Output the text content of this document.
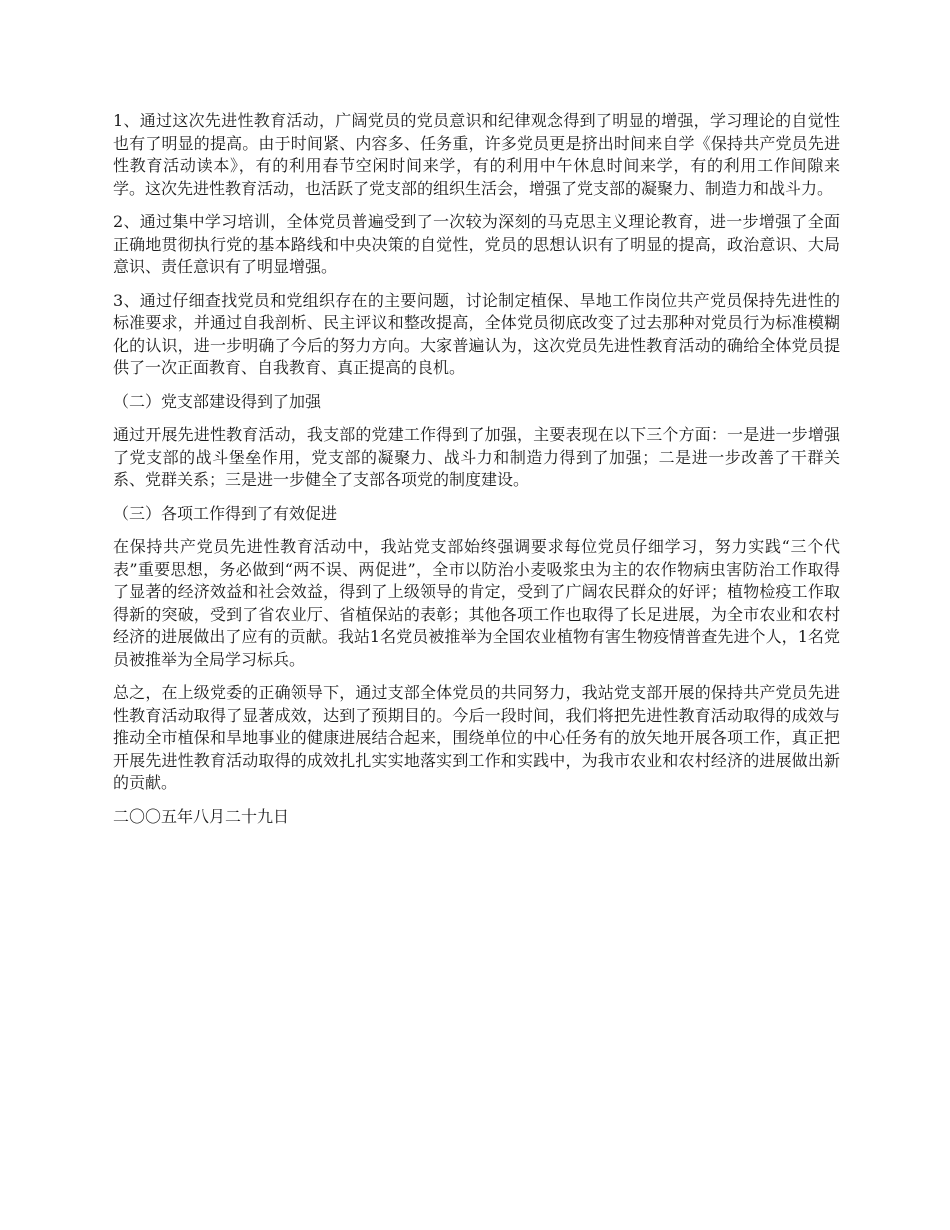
1、通过这次先进性教育活动，广阔党员的党员意识和纪律观念得到了明显的增强，学习理论的自觉性也有了明显的提高。由于时间紧、内容多、任务重，许多党员更是挤出时间来自学《保持共产党员先进性教育活动读本》，有的利用春节空闲时间来学，有的利用中午休息时间来学，有的利用工作间隙来学。这次先进性教育活动，也活跃了党支部的组织生活会，增强了党支部的凝聚力、制造力和战斗力。

2、通过集中学习培训，全体党员普遍受到了一次较为深刻的马克思主义理论教育，进一步增强了全面正确地贯彻执行党的基本路线和中央决策的自觉性，党员的思想认识有了明显的提高，政治意识、大局意识、责任意识有了明显增强。

3、通过仔细查找党员和党组织存在的主要问题，讨论制定植保、旱地工作岗位共产党员保持先进性的标准要求，并通过自我剖析、民主评议和整改提高，全体党员彻底改变了过去那种对党员行为标准模糊化的认识，进一步明确了今后的努力方向。大家普遍认为，这次党员先进性教育活动的确给全体党员提供了一次正面教育、自我教育、真正提高的良机。

（二）党支部建设得到了加强

通过开展先进性教育活动，我支部的党建工作得到了加强，主要表现在以下三个方面：一是进一步增强了党支部的战斗堡垒作用，党支部的凝聚力、战斗力和制造力得到了加强；二是进一步改善了干群关系、党群关系；三是进一步健全了支部各项党的制度建设。

（三）各项工作得到了有效促进

在保持共产党员先进性教育活动中，我站党支部始终强调要求每位党员仔细学习，努力实践“三个代表”重要思想，务必做到“两不误、两促进”，全市以防治小麦吸浆虫为主的农作物病虫害防治工作取得了显著的经济效益和社会效益，得到了上级领导的肯定，受到了广阔农民群众的好评；植物检疫工作取得新的突破，受到了省农业厅、省植保站的表彰；其他各项工作也取得了长足进展，为全市农业和农村经济的进展做出了应有的贡献。我站1名党员被推举为全国农业植物有害生物疫情普查先进个人，1名党员被推举为全局学习标兵。

总之，在上级党委的正确领导下，通过支部全体党员的共同努力，我站党支部开展的保持共产党员先进性教育活动取得了显著成效，达到了预期目的。今后一段时间，我们将把先进性教育活动取得的成效与推动全市植保和旱地事业的健康进展结合起来，围绕单位的中心任务有的放矢地开展各项工作，真正把开展先进性教育活动取得的成效扎扎实实地落实到工作和实践中，为我市农业和农村经济的进展做出新的贡献。

二〇〇五年八月二十九日
